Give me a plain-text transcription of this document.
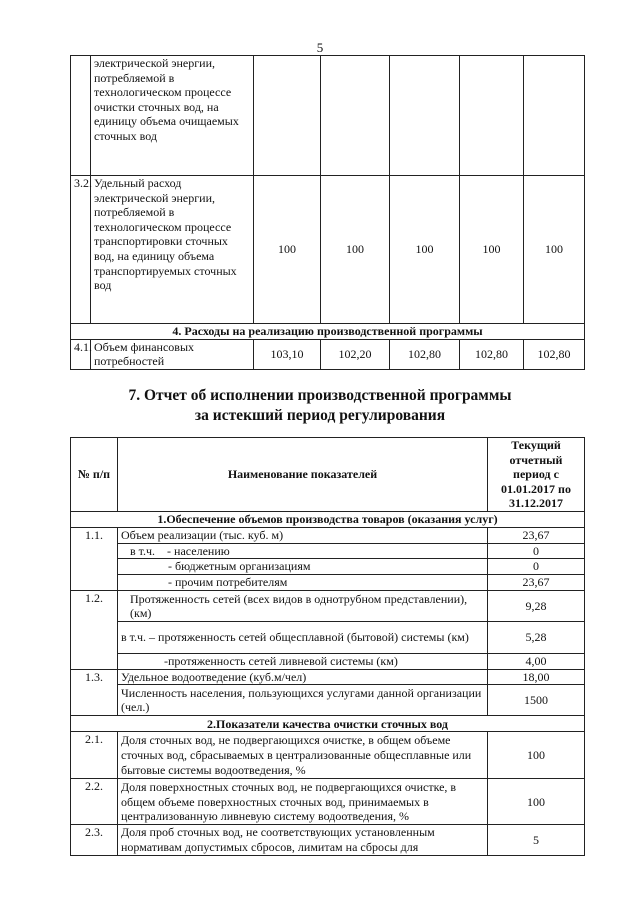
5
	электрической энергии, потребляемой в технологическом процессе очистки сточных вод, на единицу объема очищаемых сточных вод					
3.2.	Удельный расход электрической энергии, потребляемой в технологическом процессе транспортировки сточных вод, на единицу объема транспортируемых сточных вод	100	100	100	100	100
4. Расходы на реализацию производственной программы						
4.1.	Объем финансовых потребностей	103,10	102,20	102,80	102,80	102,80
7. Отчет об исполнении производственной программы
за истекший период регулирования
№ п/п	Наименование показателей	Текущий отчетный период с 01.01.2017 по 31.12.2017
1.Обеспечение объемов производства товаров (оказания услуг)		
1.1.	Объем реализации (тыс. куб. м)	23,67
	в т.ч.    - населению	0
	- бюджетным организациям	0
	- прочим потребителям	23,67
1.2.	Протяженность сетей (всех видов в однотрубном представлении), (км)	9,28
	в т.ч. – протяженность сетей общесплавной (бытовой) системы (км)	5,28
	-протяженность сетей ливневой системы (км)	4,00
1.3.	Удельное водоотведение (куб.м/чел)	18,00
	Численность населения, пользующихся услугами данной организации (чел.)	1500
2.Показатели качества очистки сточных вод		
2.1.	Доля сточных вод, не подвергающихся очистке, в общем объеме сточных вод, сбрасываемых в централизованные общесплавные или бытовые системы водоотведения, %	100
2.2.	Доля поверхностных сточных вод, не подвергающихся очистке, в общем объеме поверхностных сточных вод, принимаемых в централизованную ливневую систему водоотведения, %	100
2.3.	Доля проб сточных вод, не соответствующих установленным нормативам допустимых сбросов, лимитам на сбросы для	5
